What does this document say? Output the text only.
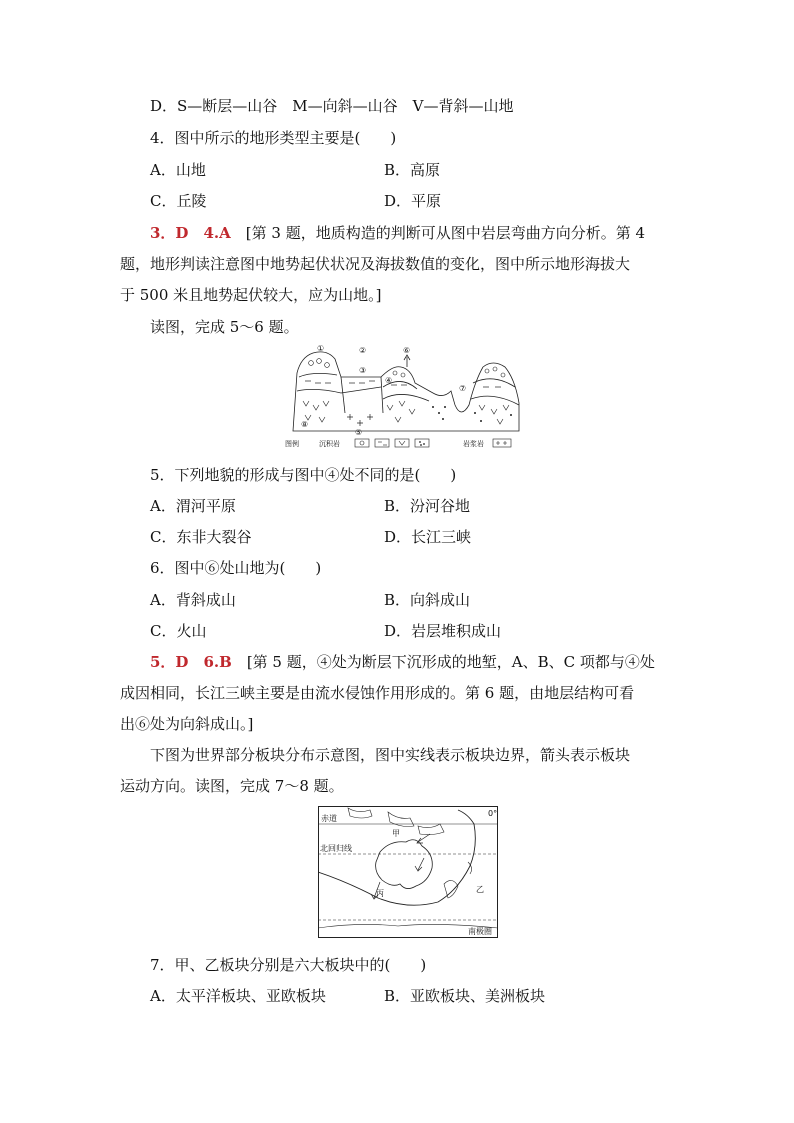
D．S—断层—山谷　M—向斜—山谷　V—背斜—山地
4．图中所示的地形类型主要是(　　)
A．山地	B．高原
C．丘陵	D．平原
3．D　4.A　 [第 3 题，地质构造的判断可从图中岩层弯曲方向分析。第 4
题，地形判读注意图中地势起伏状况及海拔数值的变化，图中所示地形海拔大
于 500 米且地势起伏较大，应为山地。]
读图，完成 5～6 题。
①	②
③
④
⑤
⑥
⑦
⑧
图例	沉积岩	岩浆岩
5．下列地貌的形成与图中④处不同的是(　　)
A．渭河平原	B．汾河谷地
C．东非大裂谷	D．长江三峡
6．图中⑥处山地为(　　)
A．背斜成山	B．向斜成山
C．火山	D．岩层堆积成山
5．D　6.B　 [第 5 题，④处为断层下沉形成的地堑，A、B、C 项都与④处
成因相同，长江三峡主要是由流水侵蚀作用形成的。第 6 题，由地层结构可看
出⑥处为向斜成山。]
下图为世界部分板块分布示意图，图中实线表示板块边界，箭头表示板块
运动方向。读图，完成 7～8 题。
赤道
北回归线
南极圈
0°
甲
乙
丙
7．甲、乙板块分别是六大板块中的(　　)
A．太平洋板块、亚欧板块	B．亚欧板块、美洲板块
